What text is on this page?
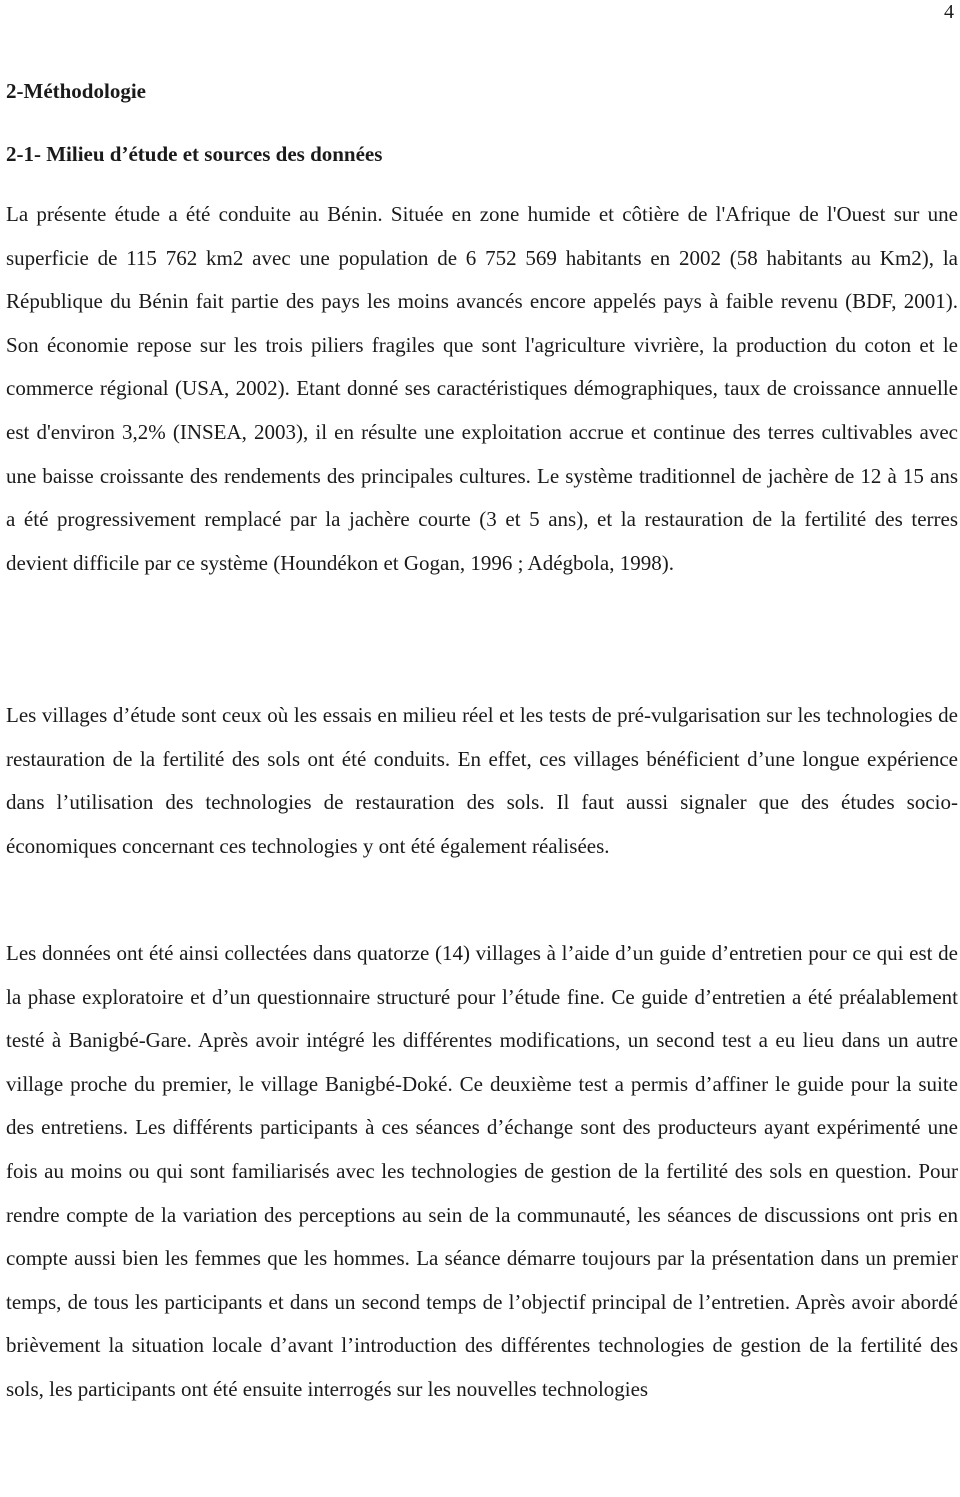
4
2-Méthodologie
2-1- Milieu d’étude et sources des données

La présente étude a été conduite au Bénin. Située en zone humide et côtière de l'Afrique de l'Ouest sur une superficie de 115 762 km2 avec une population de 6 752 569 habitants en 2002 (58 habitants au Km2), la République du Bénin fait partie des pays les moins avancés encore appelés pays à faible revenu (BDF, 2001). Son économie repose sur les trois piliers fragiles que sont l'agriculture vivrière, la production du coton et le commerce régional (USA, 2002). Etant donné ses caractéristiques démographiques, taux de croissance annuelle est d'environ 3,2% (INSEA, 2003), il en résulte une exploitation accrue et continue des terres cultivables avec une baisse croissante des rendements des principales cultures. Le système traditionnel de jachère de 12 à 15 ans a été progressivement remplacé par la jachère courte (3 et 5 ans), et la restauration de la fertilité des terres devient difficile par ce système (Houndékon et Gogan, 1996 ; Adégbola, 1998).

Les villages d’étude sont ceux où les essais en milieu réel et les tests de pré-vulgarisation sur les technologies de restauration de la fertilité des sols ont été conduits. En effet, ces villages bénéficient d’une longue expérience dans l’utilisation des technologies de restauration des sols. Il faut aussi signaler que des études socio-économiques concernant ces technologies y ont été également réalisées.

Les données ont été ainsi collectées dans quatorze (14) villages à l’aide d’un guide d’entretien pour ce qui est de la phase exploratoire et d’un questionnaire structuré pour l’étude fine. Ce guide d’entretien a été préalablement testé à Banigbé-Gare. Après avoir intégré les différentes modifications, un second test a eu lieu dans un autre village proche du premier, le village Banigbé-Doké. Ce deuxième test a permis d’affiner le guide pour la suite des entretiens. Les différents participants à ces séances d’échange sont des producteurs ayant expérimenté une fois au moins ou qui sont familiarisés avec les technologies de gestion de la fertilité des sols en question. Pour rendre compte de la variation des perceptions au sein de la communauté, les séances de discussions ont pris en compte aussi bien les femmes que les hommes. La séance démarre toujours par la présentation dans un premier temps, de tous les participants et dans un second temps de l’objectif principal de l’entretien. Après avoir abordé brièvement la situation locale d’avant l’introduction des différentes technologies de gestion de la fertilité des sols, les participants ont été ensuite interrogés sur les nouvelles technologies
